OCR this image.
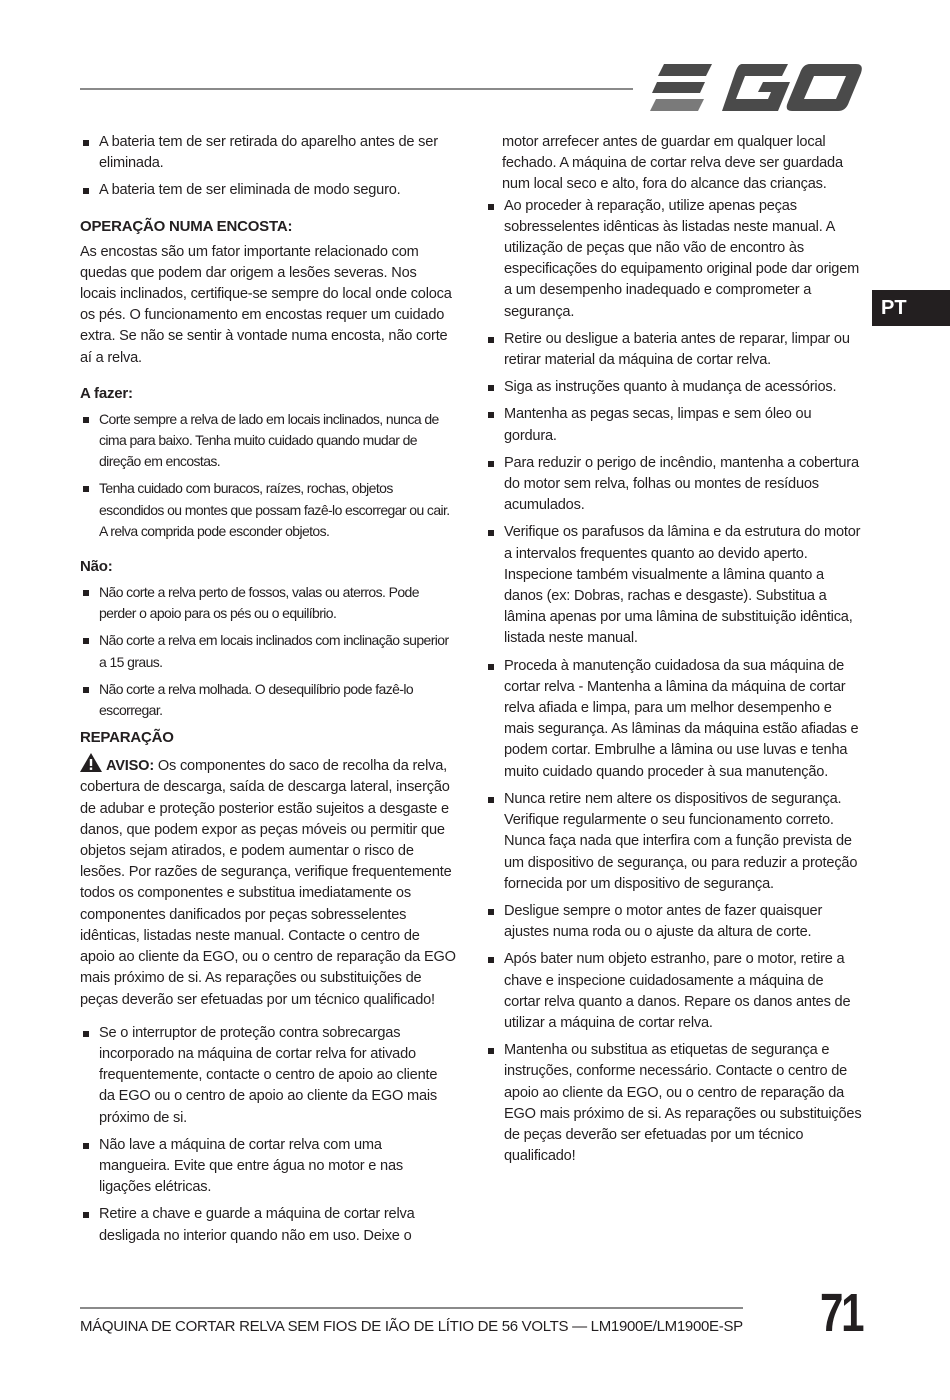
EGO
PT
A bateria tem de ser retirada do aparelho antes de ser eliminada.
A bateria tem de ser eliminada de modo seguro.
OPERAÇÃO NUMA ENCOSTA:

As encostas são um fator importante relacionado com quedas que podem dar origem a lesões severas. Nos locais inclinados, certifique-se sempre do local onde coloca os pés. O funcionamento em encostas requer um cuidado extra. Se não se sentir à vontade numa encosta, não corte aí a relva.

A fazer:
Corte sempre a relva de lado em locais inclinados, nunca de cima para baixo. Tenha muito cuidado quando mudar de direção em encostas.
Tenha cuidado com buracos, raízes, rochas, objetos escondidos ou montes que possam fazê-lo escorregar ou cair. A relva comprida pode esconder objetos.
Não:
Não corte a relva perto de fossos, valas ou aterros. Pode perder o apoio para os pés ou o equilíbrio.
Não corte a relva em locais inclinados com inclinação superior a 15 graus.
Não corte a relva molhada. O desequilíbrio pode fazê-lo escorregar.
REPARAÇÃO

AVISO: Os componentes do saco de recolha da relva, cobertura de descarga, saída de descarga lateral, inserção de adubar e proteção posterior estão sujeitos a desgaste e danos, que podem expor as peças móveis ou permitir que objetos sejam atirados, e podem aumentar o risco de lesões. Por razões de segurança, verifique frequentemente todos os componentes e substitua imediatamente os componentes danificados por peças sobresselentes idênticas, listadas neste manual. Contacte o centro de apoio ao cliente da EGO, ou o centro de reparação da EGO mais próximo de si. As reparações ou substituições de peças deverão ser efetuadas por um técnico qualificado!

Se o interruptor de proteção contra sobrecargas incorporado na máquina de cortar relva for ativado frequentemente, contacte o centro de apoio ao cliente da EGO ou o centro de apoio ao cliente da EGO mais próximo de si.
Não lave a máquina de cortar relva com uma mangueira. Evite que entre água no motor e nas ligações elétricas.
Retire a chave e guarde a máquina de cortar relva desligada no interior quando não em uso. Deixe o

motor arrefecer antes de guardar em qualquer local fechado. A máquina de cortar relva deve ser guardada num local seco e alto, fora do alcance das crianças.

Ao proceder à reparação, utilize apenas peças sobresselentes idênticas às listadas neste manual. A utilização de peças que não vão de encontro às especificações do equipamento original pode dar origem a um desempenho inadequado e comprometer a segurança.
Retire ou desligue a bateria antes de reparar, limpar ou retirar material da máquina de cortar relva.
Siga as instruções quanto à mudança de acessórios.
Mantenha as pegas secas, limpas e sem óleo ou gordura.
Para reduzir o perigo de incêndio, mantenha a cobertura do motor sem relva, folhas ou montes de resíduos acumulados.
Verifique os parafusos da lâmina e da estrutura do motor a intervalos frequentes quanto ao devido aperto. Inspecione também visualmente a lâmina quanto a danos (ex: Dobras, rachas e desgaste). Substitua a lâmina apenas por uma lâmina de substituição idêntica, listada neste manual.
Proceda à manutenção cuidadosa da sua máquina de cortar relva - Mantenha a lâmina da máquina de cortar relva afiada e limpa, para um melhor desempenho e mais segurança. As lâminas da máquina estão afiadas e podem cortar. Embrulhe a lâmina ou use luvas e tenha muito cuidado quando proceder à sua manutenção.
Nunca retire nem altere os dispositivos de segurança. Verifique regularmente o seu funcionamento correto. Nunca faça nada que interfira com a função prevista de um dispositivo de segurança, ou para reduzir a proteção fornecida por um dispositivo de segurança.
Desligue sempre o motor antes de fazer quaisquer ajustes numa roda ou o ajuste da altura de corte.
Após bater num objeto estranho, pare o motor, retire a chave e inspecione cuidadosamente a máquina de cortar relva quanto a danos. Repare os danos antes de utilizar a máquina de cortar relva.
Mantenha ou substitua as etiquetas de segurança e instruções, conforme necessário. Contacte o centro de apoio ao cliente da EGO, ou o centro de reparação da EGO mais próximo de si. As reparações ou substituições de peças deverão ser efetuadas por um técnico qualificado!
MÁQUINA DE CORTAR RELVA SEM FIOS DE IÃO DE LÍTIO DE 56 VOLTS — LM1900E/LM1900E-SP 71
